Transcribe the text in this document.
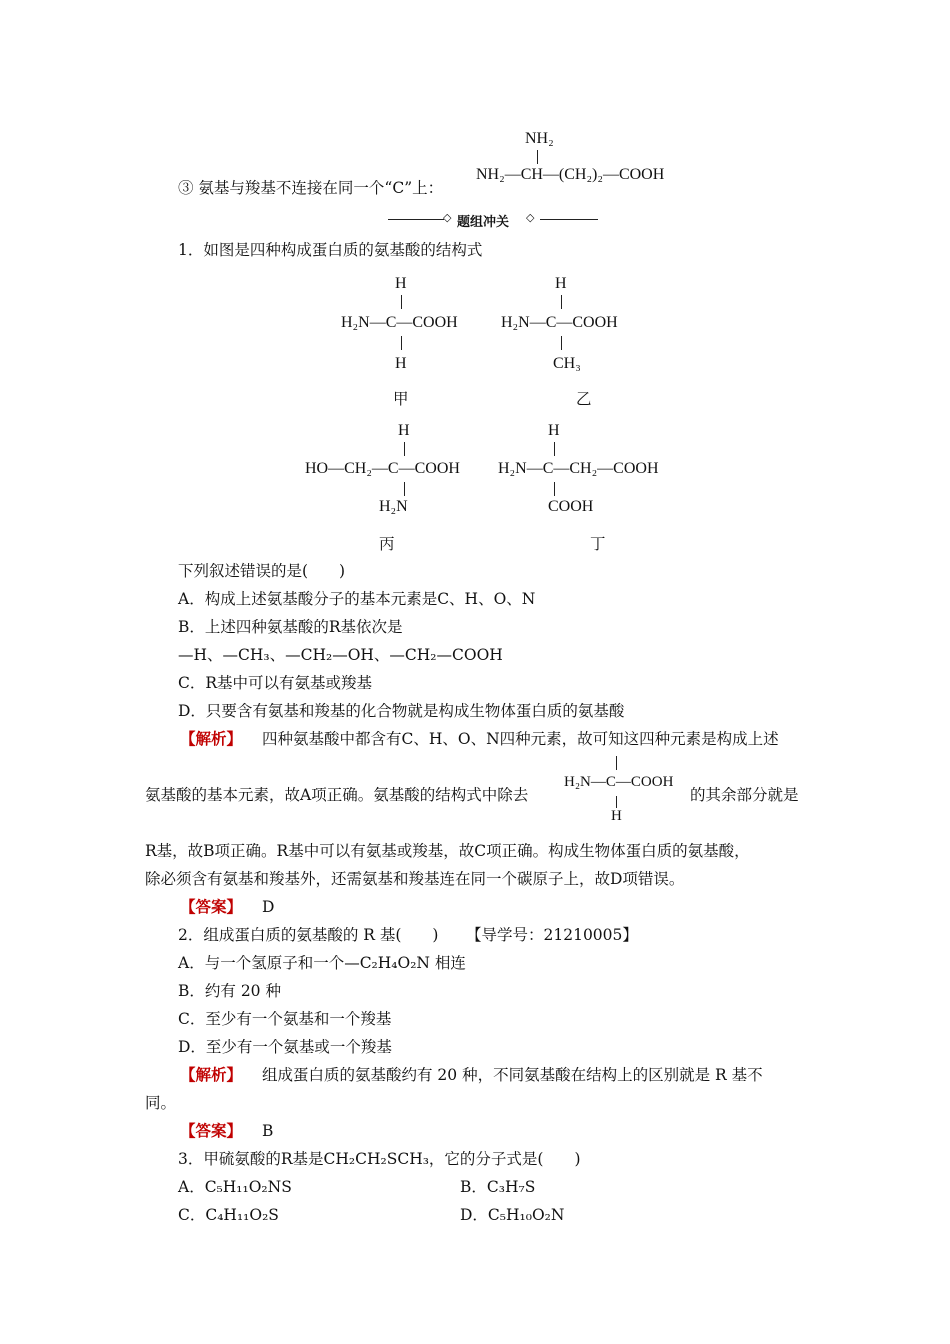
NH₂
③ 氨基与羧基不连接在同一个“C”上：
NH₂—CH—(CH₂)₂—COOH
◇ 题组冲关 ◇
1．如图是四种构成蛋白质的氨基酸的结构式
H
H₂N—C—COOH
H
甲
H
H₂N—C—COOH
CH₃
乙
H
HO—CH₂—C—COOH
H₂N
丙
H
H₂N—C—CH₂—COOH
COOH
丁
下列叙述错误的是(　　)
A．构成上述氨基酸分子的基本元素是C、H、O、N
B．上述四种氨基酸的R基依次是
—H、—CH₃、—CH₂—OH、—CH₂—COOH
C．R基中可以有氨基或羧基
D．只要含有氨基和羧基的化合物就是构成生物体蛋白质的氨基酸
【解析】 四种氨基酸中都含有C、H、O、N四种元素，故可知这四种元素是构成上述
氨基酸的基本元素，故A项正确。氨基酸的结构式中除去
H₂N—C—COOH
H
的其余部分就是
R基，故B项正确。R基中可以有氨基或羧基，故C项正确。构成生物体蛋白质的氨基酸，
除必须含有氨基和羧基外，还需氨基和羧基连在同一个碳原子上，故D项错误。
【答案】 D
2．组成蛋白质的氨基酸的 R 基(　　) 【导学号：21210005】
A．与一个氢原子和一个—C₂H₄O₂N 相连
B．约有 20 种
C．至少有一个氨基和一个羧基
D．至少有一个氨基或一个羧基
【解析】 组成蛋白质的氨基酸约有 20 种，不同氨基酸在结构上的区别就是 R 基不
同。
【答案】 B
3．甲硫氨酸的R基是CH₂CH₂SCH₃，它的分子式是(　　)
A．C₅H₁₁O₂NS	B．C₃H₇S
C．C₄H₁₁O₂S	D．C₅H₁₀O₂N
